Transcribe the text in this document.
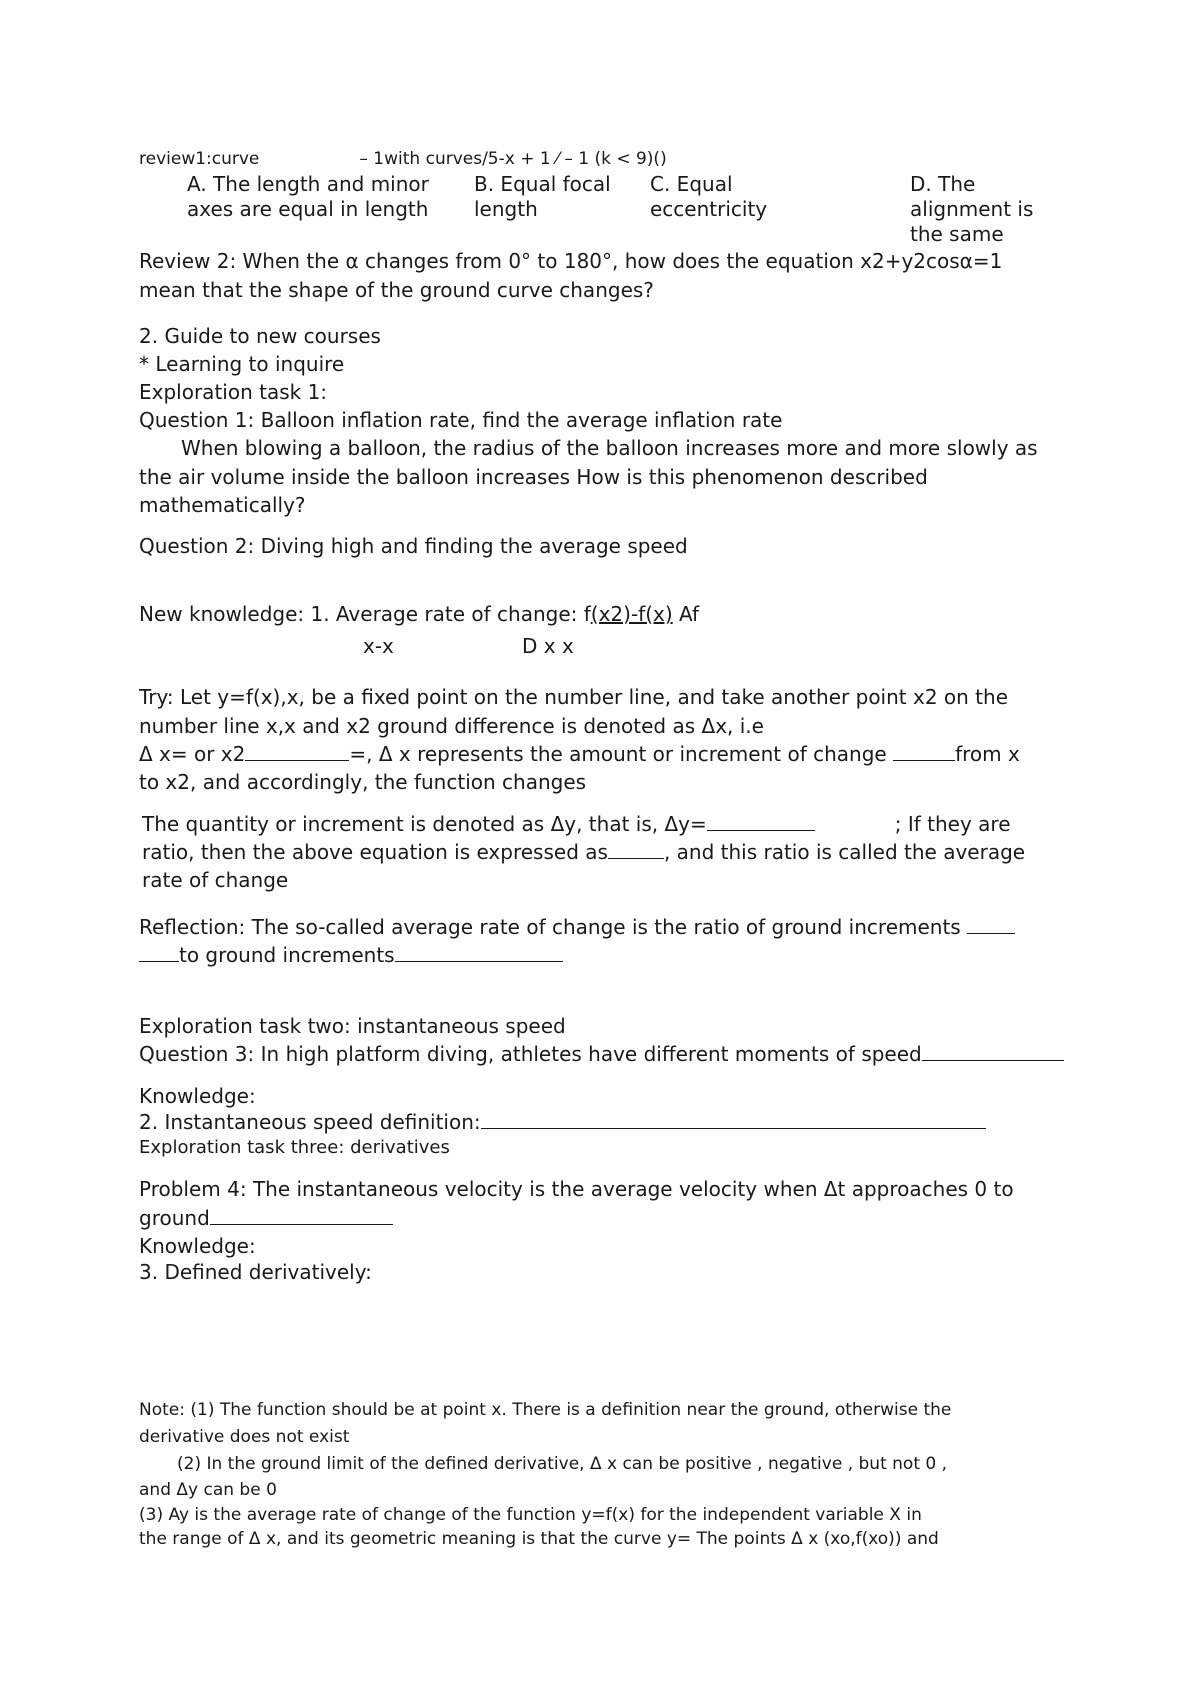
review1:curve	– 1with curves/5-x + 1 ⁄ – 1 (k < 9)()
A. The length and minor
axes are equal in length
B. Equal focal
length
C. Equal
eccentricity
D. The
alignment is
the same
Review 2: When the α changes from 0° to 180°, how does the equation x2+y2cosα=1
mean that the shape of the ground curve changes?
2. Guide to new courses
* Learning to inquire
Exploration task 1:
Question 1: Balloon inflation rate, find the average inflation rate
When blowing a balloon, the radius of the balloon increases more and more slowly as
the air volume inside the balloon increases How is this phenomenon described
mathematically?
Question 2: Diving high and finding the average speed
New knowledge: 1. Average rate of change: f(x2)-f(x) Af
x-x	D x x
Try: Let y=f(x),x, be a fixed point on the number line, and take another point x2 on the
number line x,x and x2 ground difference is denoted as Δx, i.e
Δ x= or x2	=, Δ x represents the amount or increment of change	from x
to x2, and accordingly, the function changes
The quantity or increment is denoted as Δy, that is, Δy=	; If they are
ratio, then the above equation is expressed as	, and this ratio is called the average
rate of change
Reflection: The so-called average rate of change is the ratio of ground increments
to ground increments
Exploration task two: instantaneous speed
Question 3: In high platform diving, athletes have different moments of speed
Knowledge:
2. Instantaneous speed definition:
Exploration task three: derivatives
Problem 4: The instantaneous velocity is the average velocity when Δt approaches 0 to
ground
Knowledge:
3. Defined derivatively:
Note: (1) The function should be at point x. There is a definition near the ground, otherwise the
derivative does not exist
(2) In the ground limit of the defined derivative, Δ x can be positive , negative , but not 0 ,
and Δy can be 0
(3) Ay is the average rate of change of the function y=f(x) for the independent variable X in
the range of Δ x, and its geometric meaning is that the curve y= The points Δ x (xo,f(xo)) and
